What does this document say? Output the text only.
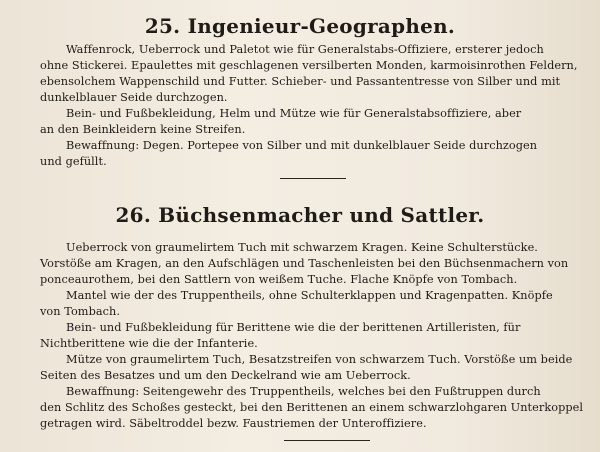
25. Ingenieur-Geographen.
Waffenrock, Ueberrock und Paletot wie für Generalstabs-Offiziere, ersterer jedoch
ohne Stickerei. Epaulettes mit geschlagenen versilberten Monden, karmoisinrothen Feldern,
ebensolchem Wappenschild und Futter. Schieber- und Passantentresse von Silber und mit
dunkelblauer Seide durchzogen.
Bein- und Fußbekleidung, Helm und Mütze wie für Generalstabsoffiziere, aber
an den Beinkleidern keine Streifen.
Bewaffnung: Degen. Portepee von Silber und mit dunkelblauer Seide durchzogen
und gefüllt.
26. Büchsenmacher und Sattler.
Ueberrock von graumelirtem Tuch mit schwarzem Kragen. Keine Schulterstücke.
Vorstöße am Kragen, an den Aufschlägen und Taschenleisten bei den Büchsenmachern von
ponceaurothem, bei den Sattlern von weißem Tuche. Flache Knöpfe von Tombach.
Mantel wie der des Truppentheils, ohne Schulterklappen und Kragenpatten. Knöpfe
von Tombach.
Bein- und Fußbekleidung für Berittene wie die der berittenen Artilleristen, für
Nichtberittene wie die der Infanterie.
Mütze von graumelirtem Tuch, Besatzstreifen von schwarzem Tuch. Vorstöße um beide
Seiten des Besatzes und um den Deckelrand wie am Ueberrock.
Bewaffnung: Seitengewehr des Truppentheils, welches bei den Fußtruppen durch
den Schlitz des Schoßes gesteckt, bei den Berittenen an einem schwarzlohgaren Unterkoppel
getragen wird. Säbeltroddel bezw. Faustriemen der Unteroffiziere.
